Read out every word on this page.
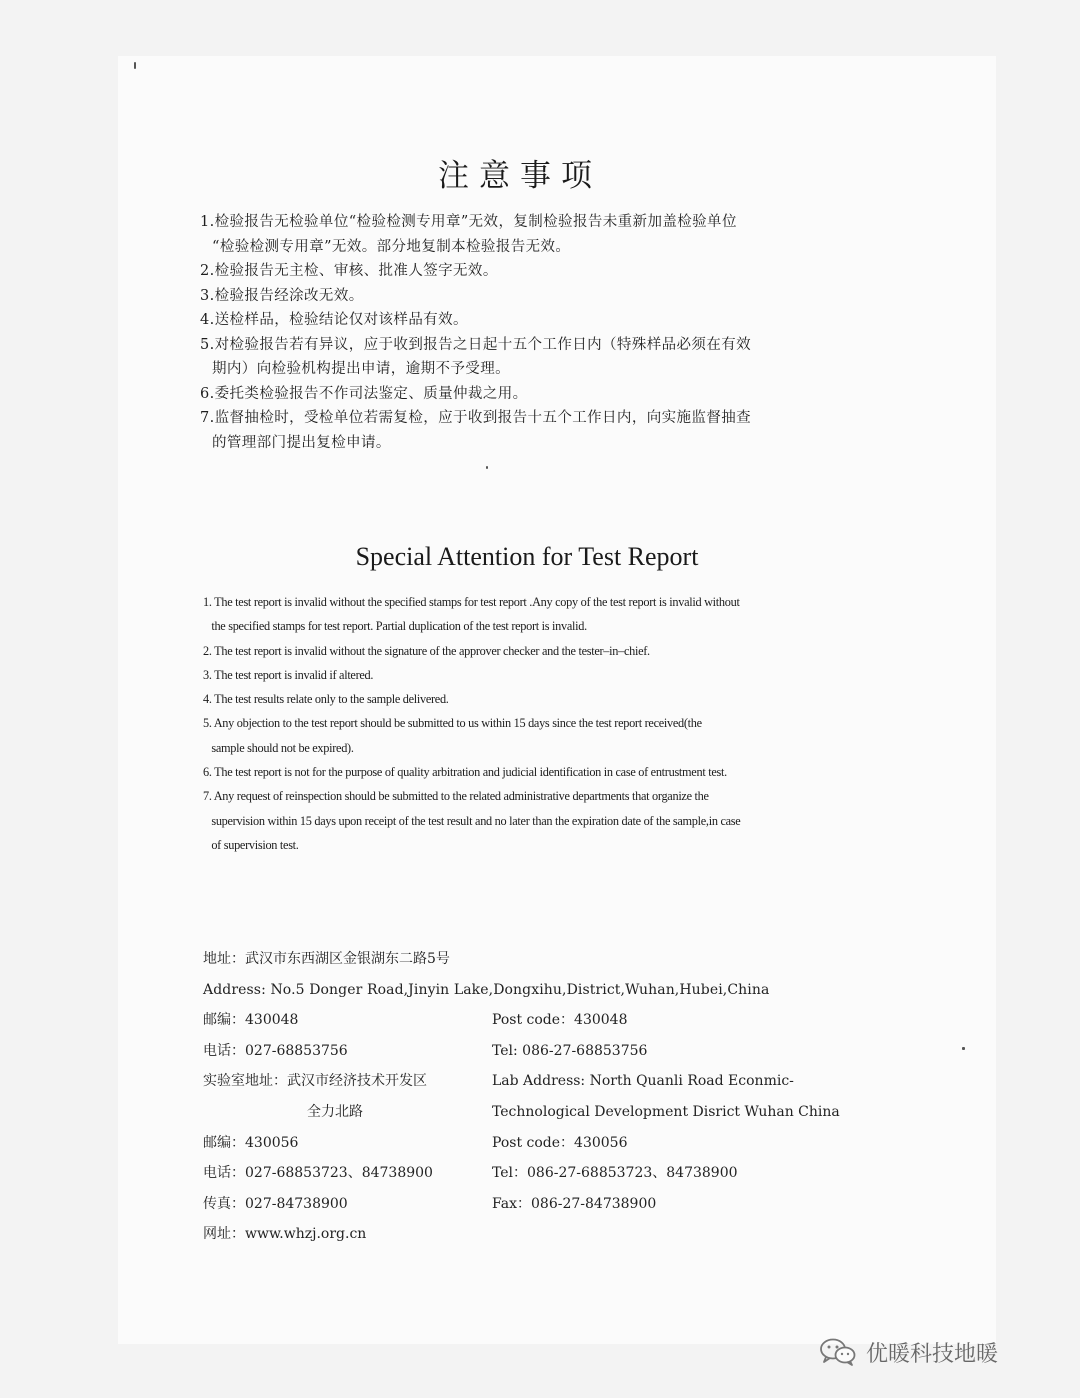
注意事项
1.检验报告无检验单位“检验检测专用章”无效，复制检验报告未重新加盖检验单位
“检验检测专用章”无效。部分地复制本检验报告无效。
2.检验报告无主检、审核、批准人签字无效。
3.检验报告经涂改无效。
4.送检样品，检验结论仅对该样品有效。
5.对检验报告若有异议，应于收到报告之日起十五个工作日内（特殊样品必须在有效
期内）向检验机构提出申请，逾期不予受理。
6.委托类检验报告不作司法鉴定、质量仲裁之用。
7.监督抽检时，受检单位若需复检，应于收到报告十五个工作日内，向实施监督抽查
的管理部门提出复检申请。
Special Attention for Test Report
1. The test report is invalid without the specified stamps for test report .Any copy of the test report is invalid without
the specified stamps for test report. Partial duplication of the test report is invalid.
2. The test report is invalid without the signature of the approver checker and the tester–in–chief.
3. The test report is invalid if altered.
4. The test results relate only to the sample delivered.
5. Any objection to the test report should be submitted to us within 15 days since the test report received(the
sample should not be expired).
6. The test report is not for the purpose of quality arbitration and judicial identification in case of entrustment test.
7. Any request of reinspection should be submitted to the related administrative departments that organize the
supervision within 15 days upon receipt of the test result and no later than the expiration date of the sample,in case
of supervision test.
地址：武汉市东西湖区金银湖东二路5号
Address: No.5 Donger Road,Jinyin Lake,Dongxihu,District,Wuhan,Hubei,China
邮编：430048	Post code：430048
电话：027-68853756	Tel: 086-27-68853756
实验室地址：武汉市经济技术开发区	Lab Address: North Quanli Road Econmic-
全力北路	Technological Development Disrict Wuhan China
邮编：430056	Post code：430056
电话：027-68853723、84738900	Tel：086-27-68853723、84738900
传真：027-84738900	Fax：086-27-84738900
网址：www.whzj.org.cn
优暖科技地暖
